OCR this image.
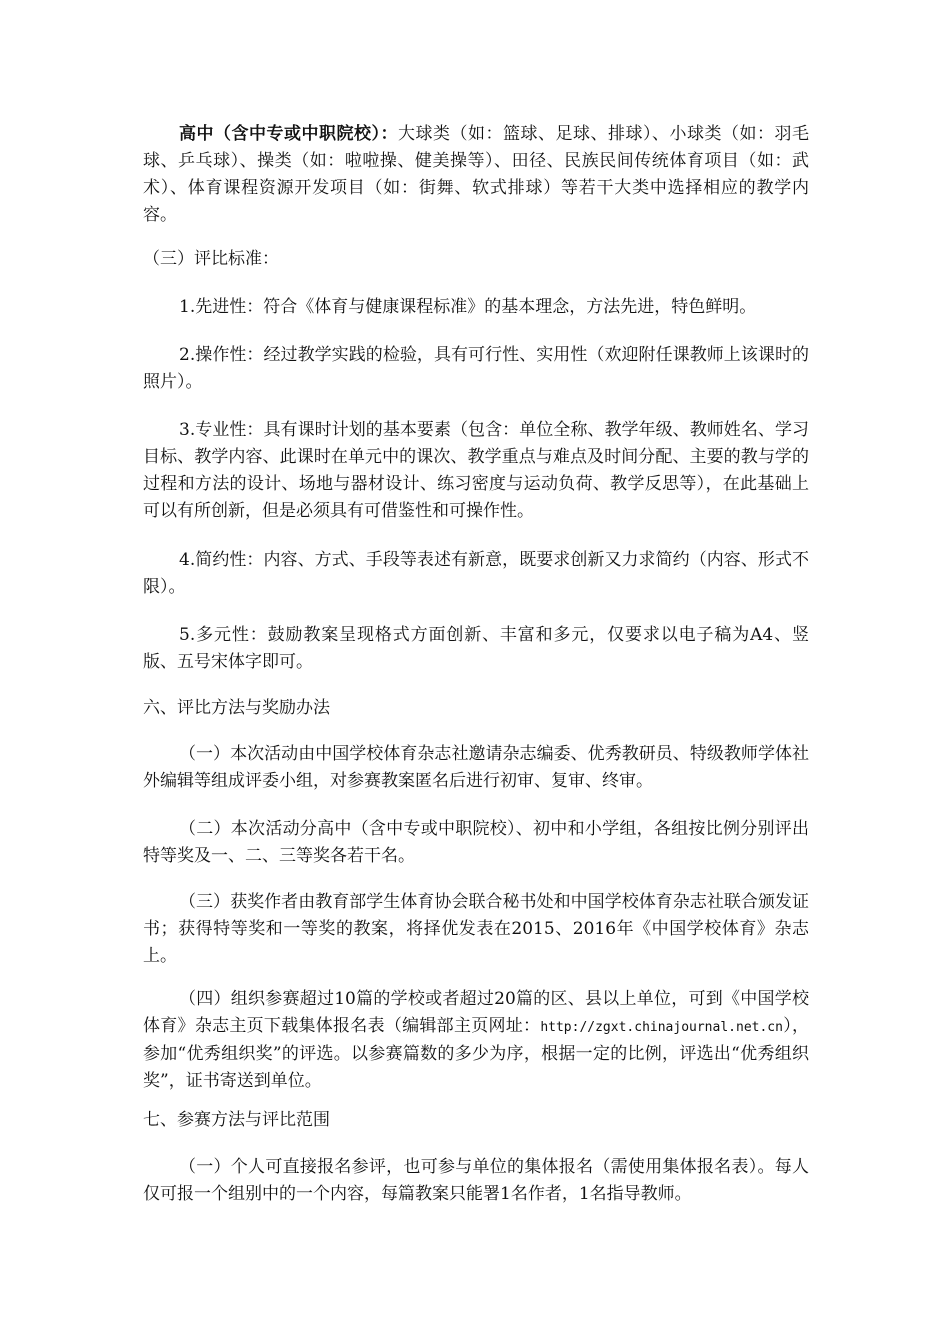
高中（含中专或中职院校）：大球类（如：篮球、足球、排球）、小球类（如：羽毛球、乒乓球）、操类（如：啦啦操、健美操等）、田径、民族民间传统体育项目（如：武术）、体育课程资源开发项目（如：街舞、软式排球）等若干大类中选择相应的教学内容。

（三）评比标准：

1.先进性：符合《体育与健康课程标准》的基本理念，方法先进，特色鲜明。

2.操作性：经过教学实践的检验，具有可行性、实用性（欢迎附任课教师上该课时的照片）。

3.专业性：具有课时计划的基本要素（包含：单位全称、教学年级、教师姓名、学习目标、教学内容、此课时在单元中的课次、教学重点与难点及时间分配、主要的教与学的过程和方法的设计、场地与器材设计、练习密度与运动负荷、教学反思等），在此基础上可以有所创新，但是必须具有可借鉴性和可操作性。

4.简约性：内容、方式、手段等表述有新意，既要求创新又力求简约（内容、形式不限）。

5.多元性：鼓励教案呈现格式方面创新、丰富和多元，仅要求以电子稿为A4、竖版、五号宋体字即可。

六、评比方法与奖励办法

（一）本次活动由中国学校体育杂志社邀请杂志编委、优秀教研员、特级教师学体社外编辑等组成评委小组，对参赛教案匿名后进行初审、复审、终审。

（二）本次活动分高中（含中专或中职院校）、初中和小学组，各组按比例分别评出特等奖及一、二、三等奖各若干名。

（三）获奖作者由教育部学生体育协会联合秘书处和中国学校体育杂志社联合颁发证书；获得特等奖和一等奖的教案，将择优发表在2015、2016年《中国学校体育》杂志上。

（四）组织参赛超过10篇的学校或者超过20篇的区、县以上单位，可到《中国学校体育》杂志主页下载集体报名表（编辑部主页网址：http://zgxt.chinajournal.net.cn），参加“优秀组织奖”的评选。以参赛篇数的多少为序，根据一定的比例，评选出“优秀组织奖”，证书寄送到单位。

七、参赛方法与评比范围

（一）个人可直接报名参评，也可参与单位的集体报名（需使用集体报名表）。每人仅可报一个组别中的一个内容，每篇教案只能署1名作者，1名指导教师。
